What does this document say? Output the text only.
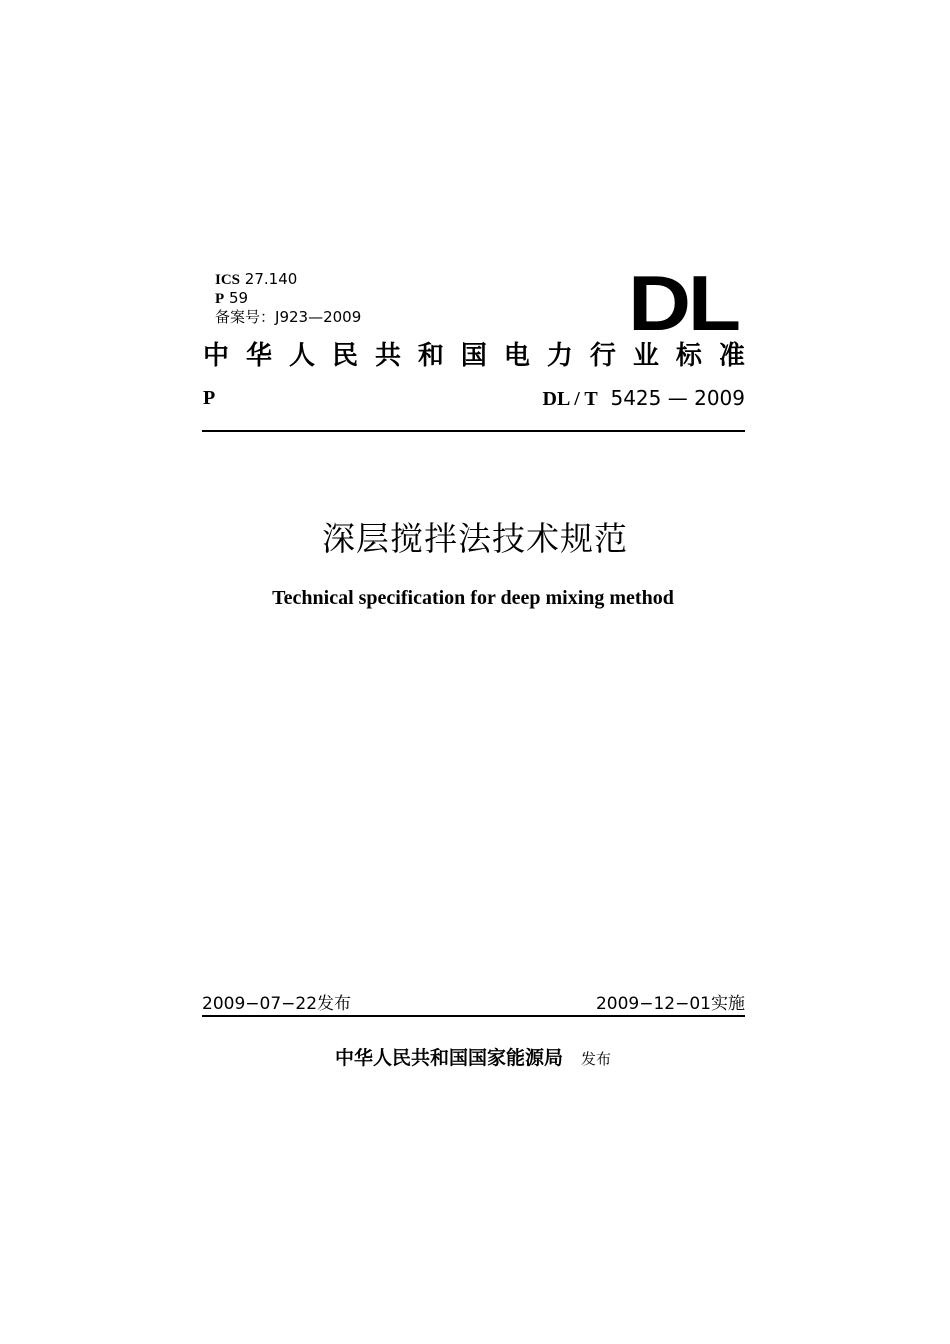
ICS 27.140
P 59
备案号：J923—2009	DL
中 华 人 民 共 和 国 电 力 行 业 标 准
P	DL / T 5425 — 2009
深层搅拌法技术规范
Technical specification for deep mixing method
2009−07−22发布	2009−12−01实施
中华人民共和国国家能源局 发布
